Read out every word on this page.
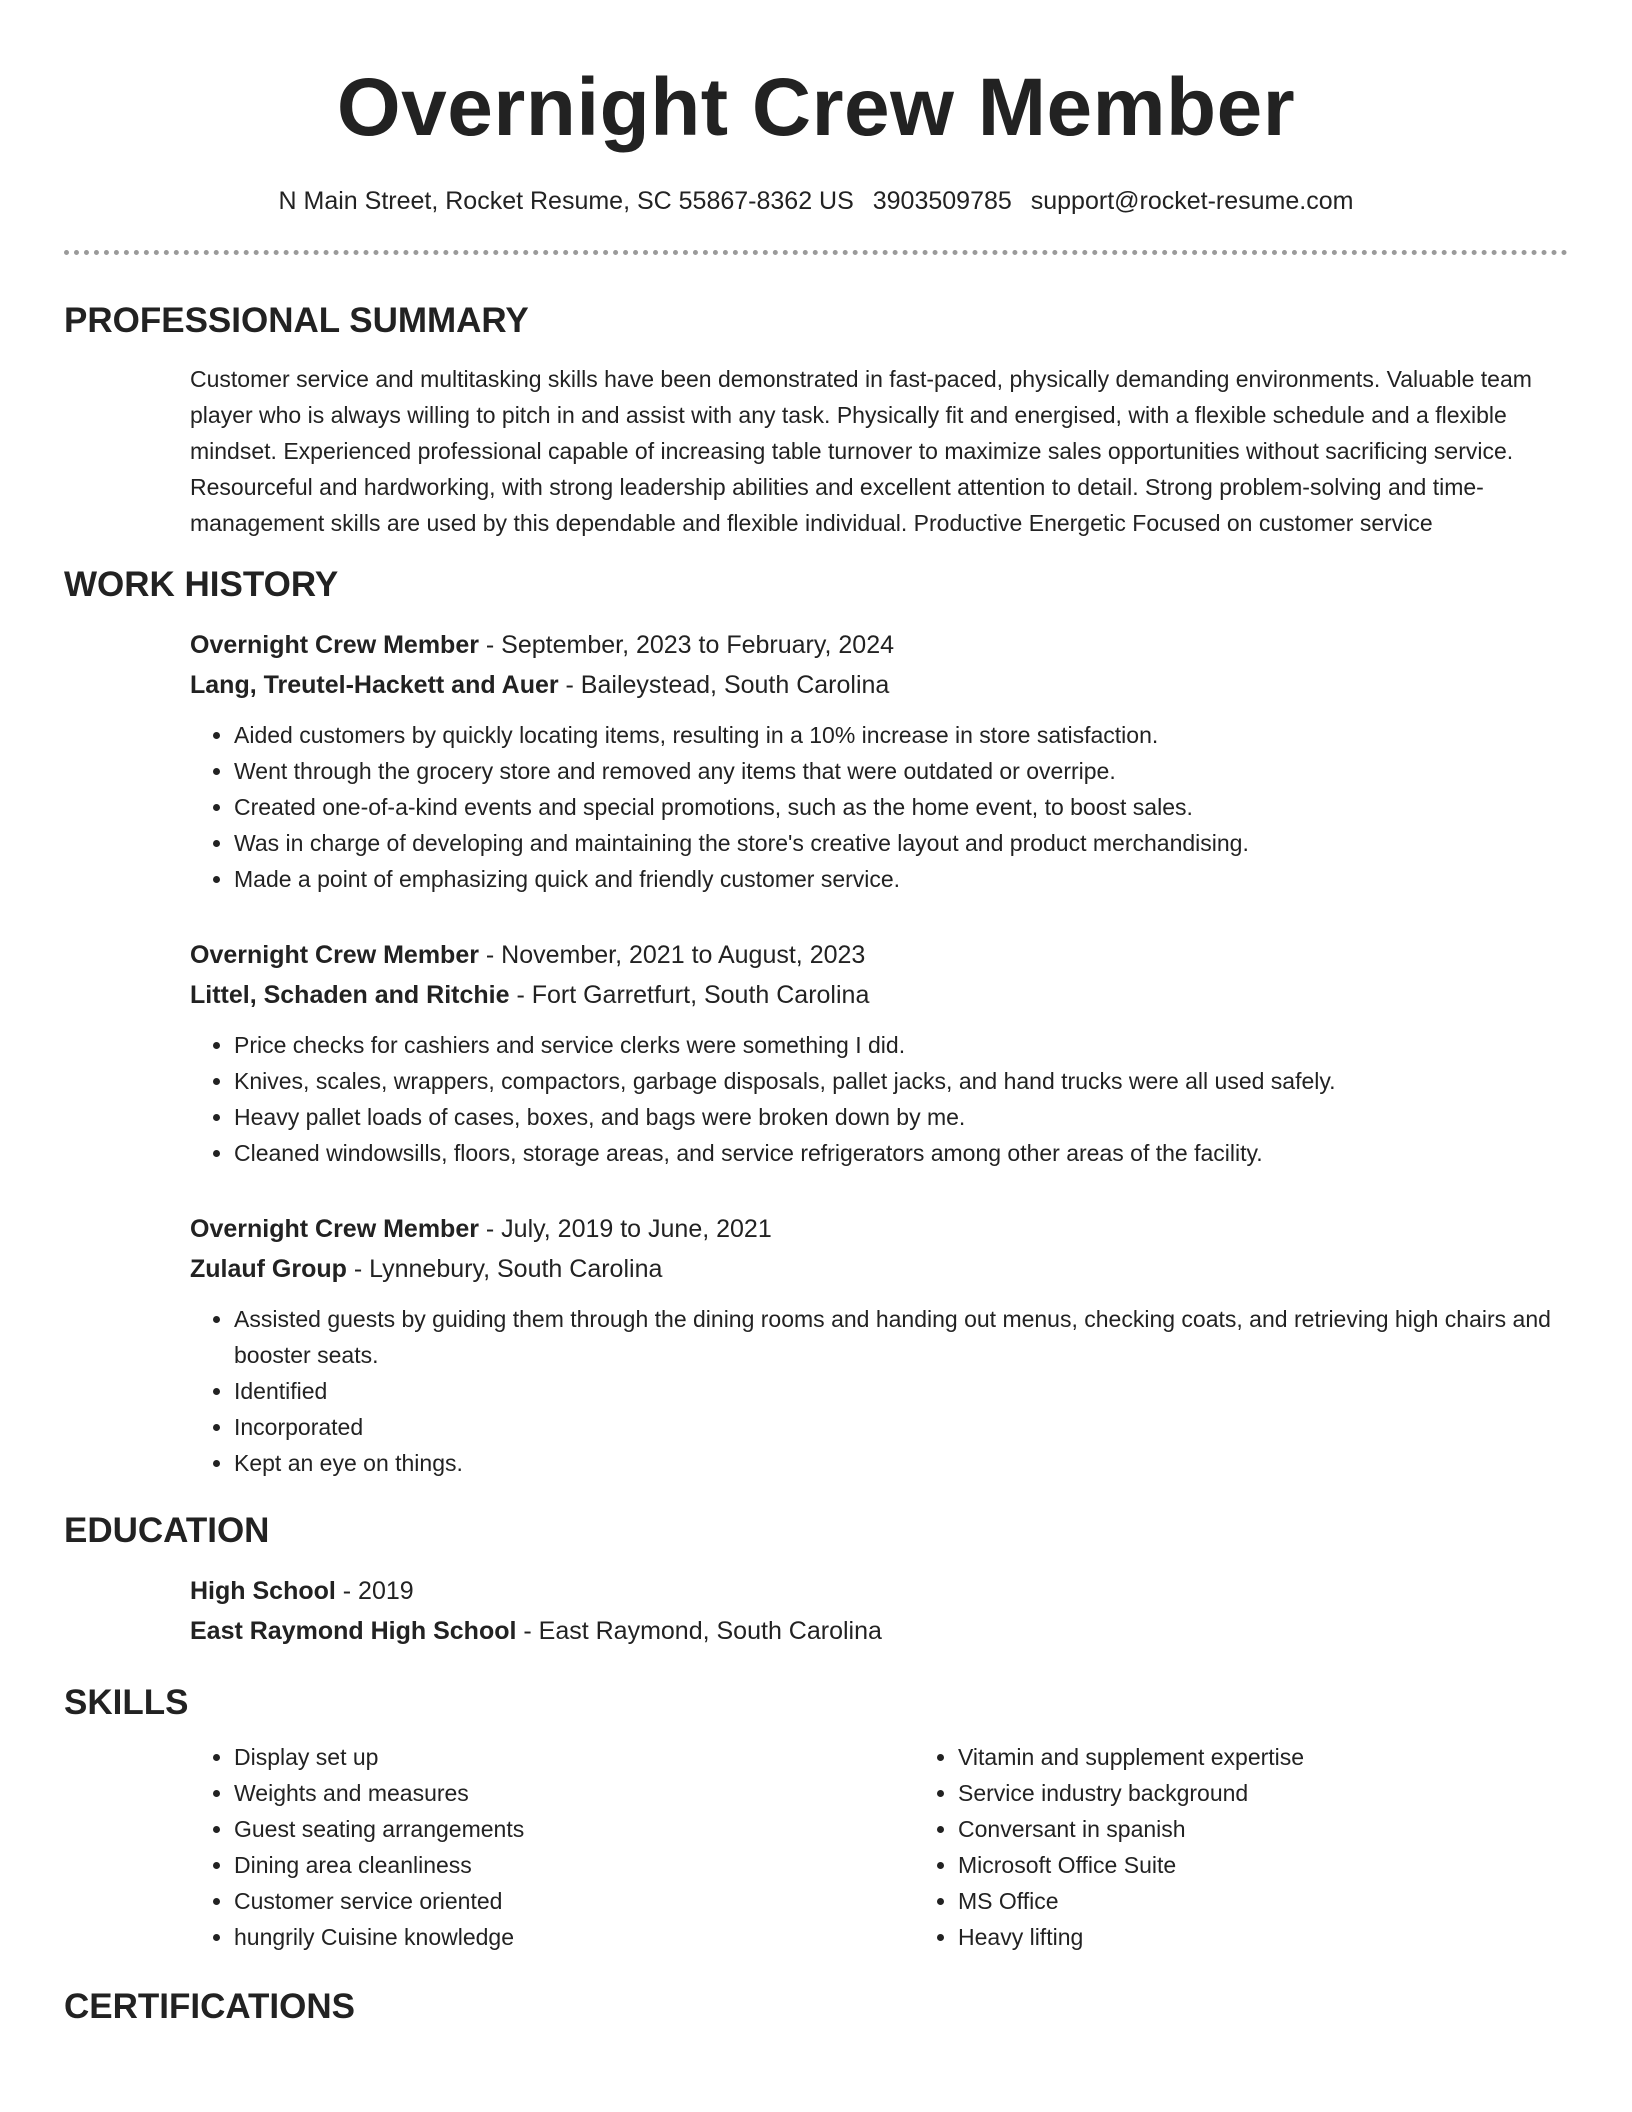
Overnight Crew Member
N Main Street, Rocket Resume, SC 55867-8362 US 3903509785 support@rocket-resume.com
PROFESSIONAL SUMMARY
Customer service and multitasking skills have been demonstrated in fast-paced, physically demanding environments. Valuable team player who is always willing to pitch in and assist with any task. Physically fit and energised, with a flexible schedule and a flexible mindset. Experienced professional capable of increasing table turnover to maximize sales opportunities without sacrificing service. Resourceful and hardworking, with strong leadership abilities and excellent attention to detail. Strong problem-solving and time-management skills are used by this dependable and flexible individual. Productive Energetic Focused on customer service
WORK HISTORY
Overnight Crew Member - September, 2023 to February, 2024
Lang, Treutel-Hackett and Auer - Baileystead, South Carolina
• Aided customers by quickly locating items, resulting in a 10% increase in store satisfaction.
• Went through the grocery store and removed any items that were outdated or overripe.
• Created one-of-a-kind events and special promotions, such as the home event, to boost sales.
• Was in charge of developing and maintaining the store's creative layout and product merchandising.
• Made a point of emphasizing quick and friendly customer service.
Overnight Crew Member - November, 2021 to August, 2023
Littel, Schaden and Ritchie - Fort Garretfurt, South Carolina
• Price checks for cashiers and service clerks were something I did.
• Knives, scales, wrappers, compactors, garbage disposals, pallet jacks, and hand trucks were all used safely.
• Heavy pallet loads of cases, boxes, and bags were broken down by me.
• Cleaned windowsills, floors, storage areas, and service refrigerators among other areas of the facility.
Overnight Crew Member - July, 2019 to June, 2021
Zulauf Group - Lynnebury, South Carolina
• Assisted guests by guiding them through the dining rooms and handing out menus, checking coats, and retrieving high chairs and booster seats.
• Identified
• Incorporated
• Kept an eye on things.
EDUCATION
High School - 2019
East Raymond High School - East Raymond, South Carolina
SKILLS
• Display set up
• Weights and measures
• Guest seating arrangements
• Dining area cleanliness
• Customer service oriented
• hungrily Cuisine knowledge
• Vitamin and supplement expertise
• Service industry background
• Conversant in spanish
• Microsoft Office Suite
• MS Office
• Heavy lifting
CERTIFICATIONS
